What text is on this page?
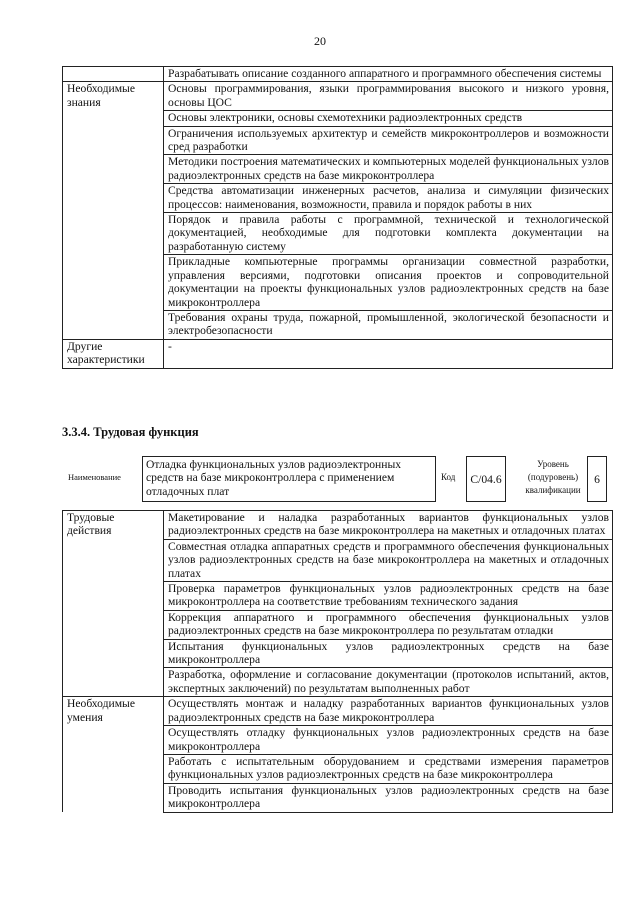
20
	Разрабатывать описание созданного аппаратного и программного обеспечения системы
Необходимые знания	Основы программирования, языки программирования высокого и низкого уровня, основы ЦОС
	Основы электроники, основы схемотехники радиоэлектронных средств
	Ограничения используемых архитектур и семейств микроконтроллеров и возможности сред разработки
	Методики построения математических и компьютерных моделей функциональных узлов радиоэлектронных средств на базе микроконтроллера
	Средства автоматизации инженерных расчетов, анализа и симуляции физических процессов: наименования, возможности, правила и порядок работы в них
	Порядок и правила работы с программной, технической и технологической документацией, необходимые для подготовки комплекта документации на разработанную систему
	Прикладные компьютерные программы организации совместной разработки, управления версиями, подготовки описания проектов и сопроводительной документации на проекты функциональных узлов радиоэлектронных средств на базе микроконтроллера
	Требования охраны труда, пожарной, промышленной, экологической безопасности и электробезопасности
Другие характеристики	-
3.3.4. Трудовая функция
Наименование
Отладка функциональных узлов радиоэлектронных средств на базе микроконтроллера с применением отладочных плат
Код	С/04.6
Уровень (подуровень) квалификации
6
Трудовые действия	Макетирование и наладка разработанных вариантов функциональных узлов радиоэлектронных средств на базе микроконтроллера на макетных и отладочных платах
	Совместная отладка аппаратных средств и программного обеспечения функциональных узлов радиоэлектронных средств на базе микроконтроллера на макетных и отладочных платах
	Проверка параметров функциональных узлов радиоэлектронных средств на базе микроконтроллера на соответствие требованиям технического задания
	Коррекция аппаратного и программного обеспечения функциональных узлов радиоэлектронных средств на базе микроконтроллера по результатам отладки
	Испытания функциональных узлов радиоэлектронных средств на базе микроконтроллера
	Разработка, оформление и согласование документации (протоколов испытаний, актов, экспертных заключений) по результатам выполненных работ
Необходимые умения	Осуществлять монтаж и наладку разработанных вариантов функциональных узлов радиоэлектронных средств на базе микроконтроллера
	Осуществлять отладку функциональных узлов радиоэлектронных средств на базе микроконтроллера
	Работать с испытательным оборудованием и средствами измерения параметров функциональных узлов радиоэлектронных средств на базе микроконтроллера
	Проводить испытания функциональных узлов радиоэлектронных средств на базе микроконтроллера
